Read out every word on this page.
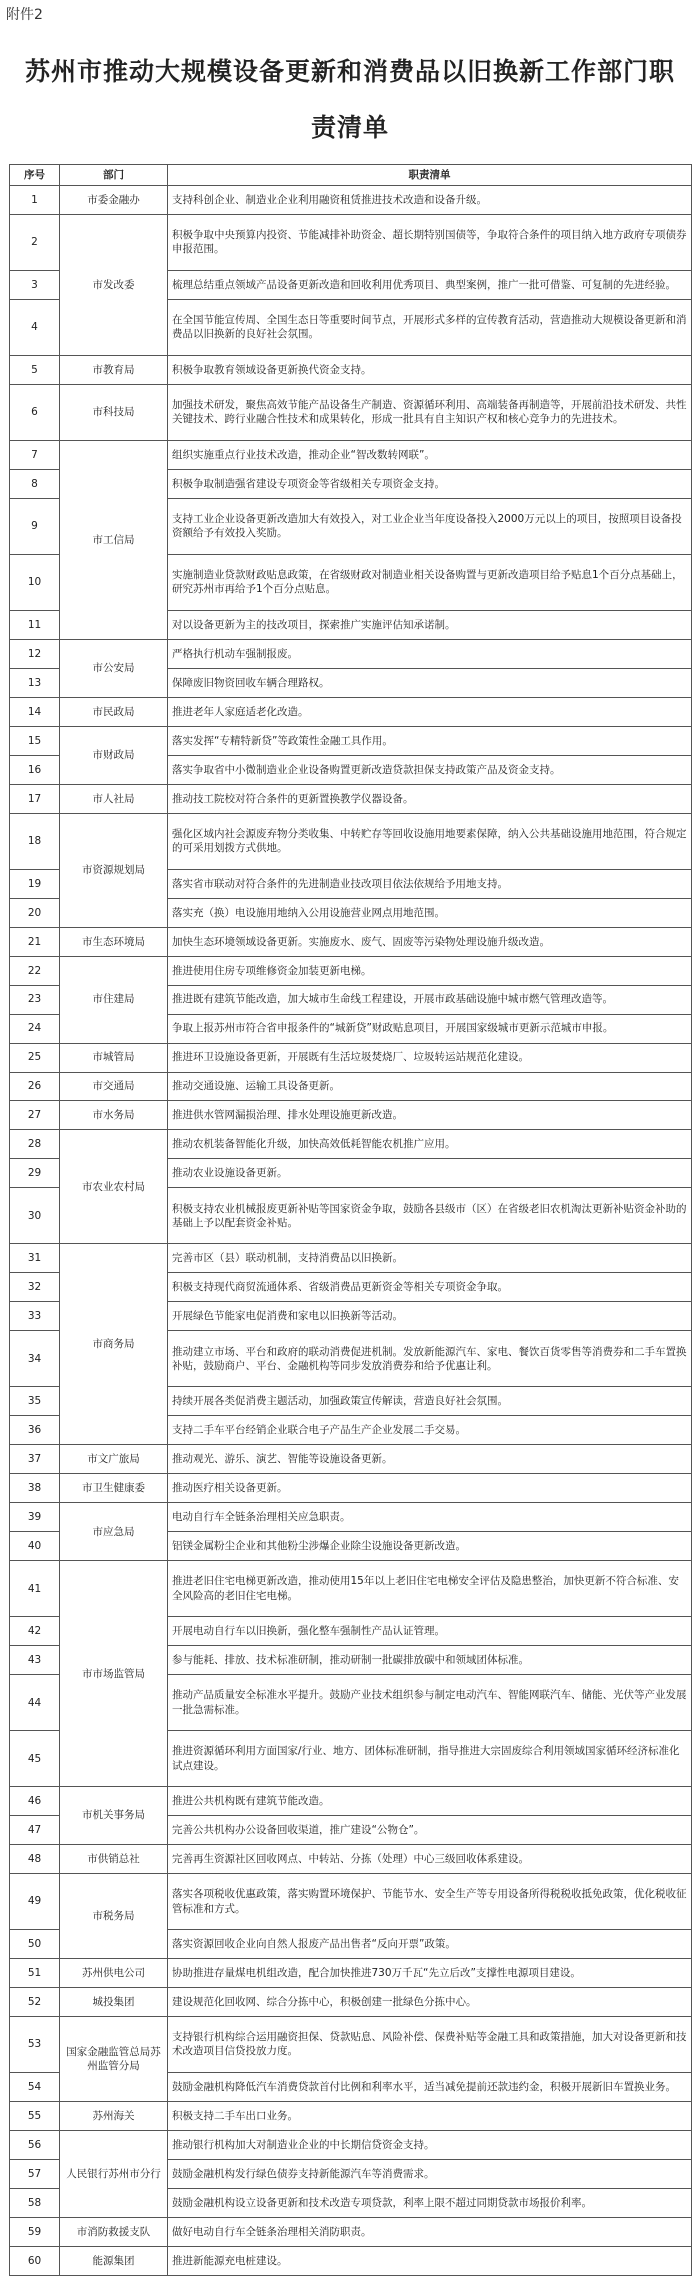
附件2
苏州市推动大规模设备更新和消费品以旧换新工作部门职
责清单
序号	部门	职责清单
1	市委金融办	支持科创企业、制造业企业利用融资租赁推进技术改造和设备升级。
2	市发改委	积极争取中央预算内投资、节能减排补助资金、超长期特别国债等，争取符合条件的项目纳入地方政府专项债券申报范围。
3		梳理总结重点领域产品设备更新改造和回收利用优秀项目、典型案例，推广一批可借鉴、可复制的先进经验。
4		在全国节能宣传周、全国生态日等重要时间节点，开展形式多样的宣传教育活动，营造推动大规模设备更新和消费品以旧换新的良好社会氛围。
5	市教育局	积极争取教育领域设备更新换代资金支持。
6	市科技局	加强技术研发，聚焦高效节能产品设备生产制造、资源循环利用、高端装备再制造等，开展前沿技术研发、共性关键技术、跨行业融合性技术和成果转化，形成一批具有自主知识产权和核心竞争力的先进技术。
7	市工信局	组织实施重点行业技术改造，推动企业“智改数转网联”。
8		积极争取制造强省建设专项资金等省级相关专项资金支持。
9		支持工业企业设备更新改造加大有效投入，对工业企业当年度设备投入2000万元以上的项目，按照项目设备投资额给予有效投入奖励。
10		实施制造业贷款财政贴息政策，在省级财政对制造业相关设备购置与更新改造项目给予贴息1个百分点基础上，研究苏州市再给予1个百分点贴息。
11		对以设备更新为主的技改项目，探索推广实施评估知承诺制。
12	市公安局	严格执行机动车强制报废。
13		保障废旧物资回收车辆合理路权。
14	市民政局	推进老年人家庭适老化改造。
15	市财政局	落实发挥“专精特新贷”等政策性金融工具作用。
16		落实争取省中小微制造业企业设备购置更新改造贷款担保支持政策产品及资金支持。
17	市人社局	推动技工院校对符合条件的更新置换教学仪器设备。
18	市资源规划局	强化区域内社会源废弃物分类收集、中转贮存等回收设施用地要素保障，纳入公共基础设施用地范围，符合规定的可采用划拨方式供地。
19		落实省市联动对符合条件的先进制造业技改项目依法依规给予用地支持。
20		落实充（换）电设施用地纳入公用设施营业网点用地范围。
21	市生态环境局	加快生态环境领域设备更新。实施废水、废气、固废等污染物处理设施升级改造。
22	市住建局	推进使用住房专项维修资金加装更新电梯。
23		推进既有建筑节能改造，加大城市生命线工程建设，开展市政基础设施中城市燃气管理改造等。
24		争取上报苏州市符合省申报条件的“城新贷”财政贴息项目，开展国家级城市更新示范城市申报。
25	市城管局	推进环卫设施设备更新，开展既有生活垃圾焚烧厂、垃圾转运站规范化建设。
26	市交通局	推动交通设施、运输工具设备更新。
27	市水务局	推进供水管网漏损治理、排水处理设施更新改造。
28	市农业农村局	推动农机装备智能化升级，加快高效低耗智能农机推广应用。
29		推动农业设施设备更新。
30		积极支持农业机械报废更新补贴等国家资金争取，鼓励各县级市（区）在省级老旧农机淘汰更新补贴资金补助的基础上予以配套资金补贴。
31	市商务局	完善市区（县）联动机制，支持消费品以旧换新。
32		积极支持现代商贸流通体系、省级消费品更新资金等相关专项资金争取。
33		开展绿色节能家电促消费和家电以旧换新等活动。
34		推动建立市场、平台和政府的联动消费促进机制。发放新能源汽车、家电、餐饮百货零售等消费券和二手车置换补贴，鼓励商户、平台、金融机构等同步发放消费券和给予优惠让利。
35		持续开展各类促消费主题活动，加强政策宣传解读，营造良好社会氛围。
36		支持二手车平台经销企业联合电子产品生产企业发展二手交易。
37	市文广旅局	推动观光、游乐、演艺、智能等设施设备更新。
38	市卫生健康委	推动医疗相关设备更新。
39	市应急局	电动自行车全链条治理相关应急职责。
40		铝镁金属粉尘企业和其他粉尘涉爆企业除尘设施设备更新改造。
41	市市场监管局	推进老旧住宅电梯更新改造，推动使用15年以上老旧住宅电梯安全评估及隐患整治，加快更新不符合标准、安全风险高的老旧住宅电梯。
42		开展电动自行车以旧换新，强化整车强制性产品认证管理。
43		参与能耗、排放、技术标准研制，推动研制一批碳排放碳中和领域团体标准。
44		推动产品质量安全标准水平提升。鼓励产业技术组织参与制定电动汽车、智能网联汽车、储能、光伏等产业发展一批急需标准。
45		推进资源循环利用方面国家/行业、地方、团体标准研制，指导推进大宗固废综合利用领域国家循环经济标准化试点建设。
46	市机关事务局	推进公共机构既有建筑节能改造。
47		完善公共机构办公设备回收渠道，推广建设“公物仓”。
48	市供销总社	完善再生资源社区回收网点、中转站、分拣（处理）中心三级回收体系建设。
49	市税务局	落实各项税收优惠政策，落实购置环境保护、节能节水、安全生产等专用设备所得税税收抵免政策，优化税收征管标准和方式。
50		落实资源回收企业向自然人报废产品出售者“反向开票”政策。
51	苏州供电公司	协助推进存量煤电机组改造，配合加快推进730万千瓦“先立后改”支撑性电源项目建设。
52	城投集团	建设规范化回收网、综合分拣中心，积极创建一批绿色分拣中心。
53	国家金融监管总局苏州监管分局	支持银行机构综合运用融资担保、贷款贴息、风险补偿、保费补贴等金融工具和政策措施，加大对设备更新和技术改造项目信贷投放力度。
54		鼓励金融机构降低汽车消费贷款首付比例和利率水平，适当减免提前还款违约金，积极开展新旧车置换业务。
55	苏州海关	积极支持二手车出口业务。
56	人民银行苏州市分行	推动银行机构加大对制造业企业的中长期信贷资金支持。
57		鼓励金融机构发行绿色债券支持新能源汽车等消费需求。
58		鼓励金融机构设立设备更新和技术改造专项贷款，利率上限不超过同期贷款市场报价利率。
59	市消防救援支队	做好电动自行车全链条治理相关消防职责。
60	能源集团	推进新能源充电桩建设。
